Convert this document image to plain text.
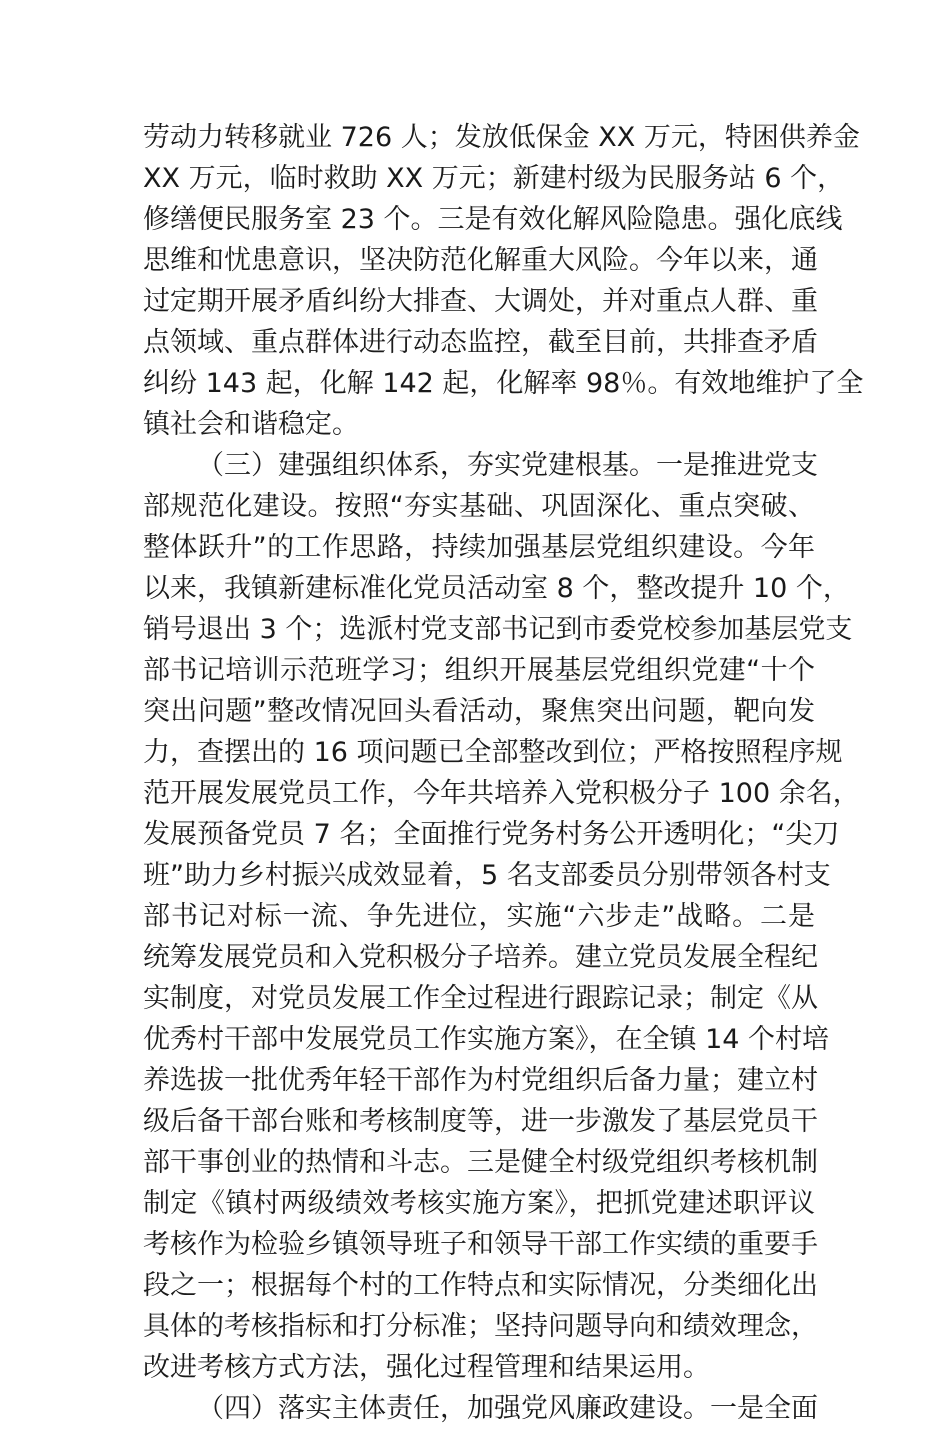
劳动力转移就业 726 人；发放低保金 XX 万元，特困供养金
XX 万元，临时救助 XX 万元；新建村级为民服务站 6 个，
修缮便民服务室 23 个。三是有效化解风险隐患。强化底线
思维和忧患意识，坚决防范化解重大风险。今年以来，通
过定期开展矛盾纠纷大排查、大调处，并对重点人群、重
点领域、重点群体进行动态监控，截至目前，共排查矛盾
纠纷 143 起，化解 142 起，化解率 98％。有效地维护了全
镇社会和谐稳定。
（三）建强组织体系，夯实党建根基。一是推进党支
部规范化建设。按照“夯实基础、巩固深化、重点突破、
整体跃升”的工作思路，持续加强基层党组织建设。今年
以来，我镇新建标准化党员活动室 8 个，整改提升 10 个，
销号退出 3 个；选派村党支部书记到市委党校参加基层党支
部书记培训示范班学习；组织开展基层党组织党建“十个
突出问题”整改情况回头看活动，聚焦突出问题，靶向发
力，查摆出的 16 项问题已全部整改到位；严格按照程序规
范开展发展党员工作，今年共培养入党积极分子 100 余名，
发展预备党员 7 名；全面推行党务村务公开透明化；“尖刀
班”助力乡村振兴成效显着，5 名支部委员分别带领各村支
部书记对标一流、争先进位，实施“六步走”战略。二是
统筹发展党员和入党积极分子培养。建立党员发展全程纪
实制度，对党员发展工作全过程进行跟踪记录；制定《从
优秀村干部中发展党员工作实施方案》，在全镇 14 个村培
养选拔一批优秀年轻干部作为村党组织后备力量；建立村
级后备干部台账和考核制度等，进一步激发了基层党员干
部干事创业的热情和斗志。三是健全村级党组织考核机制
制定《镇村两级绩效考核实施方案》，把抓党建述职评议
考核作为检验乡镇领导班子和领导干部工作实绩的重要手
段之一；根据每个村的工作特点和实际情况，分类细化出
具体的考核指标和打分标准；坚持问题导向和绩效理念，
改进考核方式方法，强化过程管理和结果运用。
（四）落实主体责任，加强党风廉政建设。一是全面
